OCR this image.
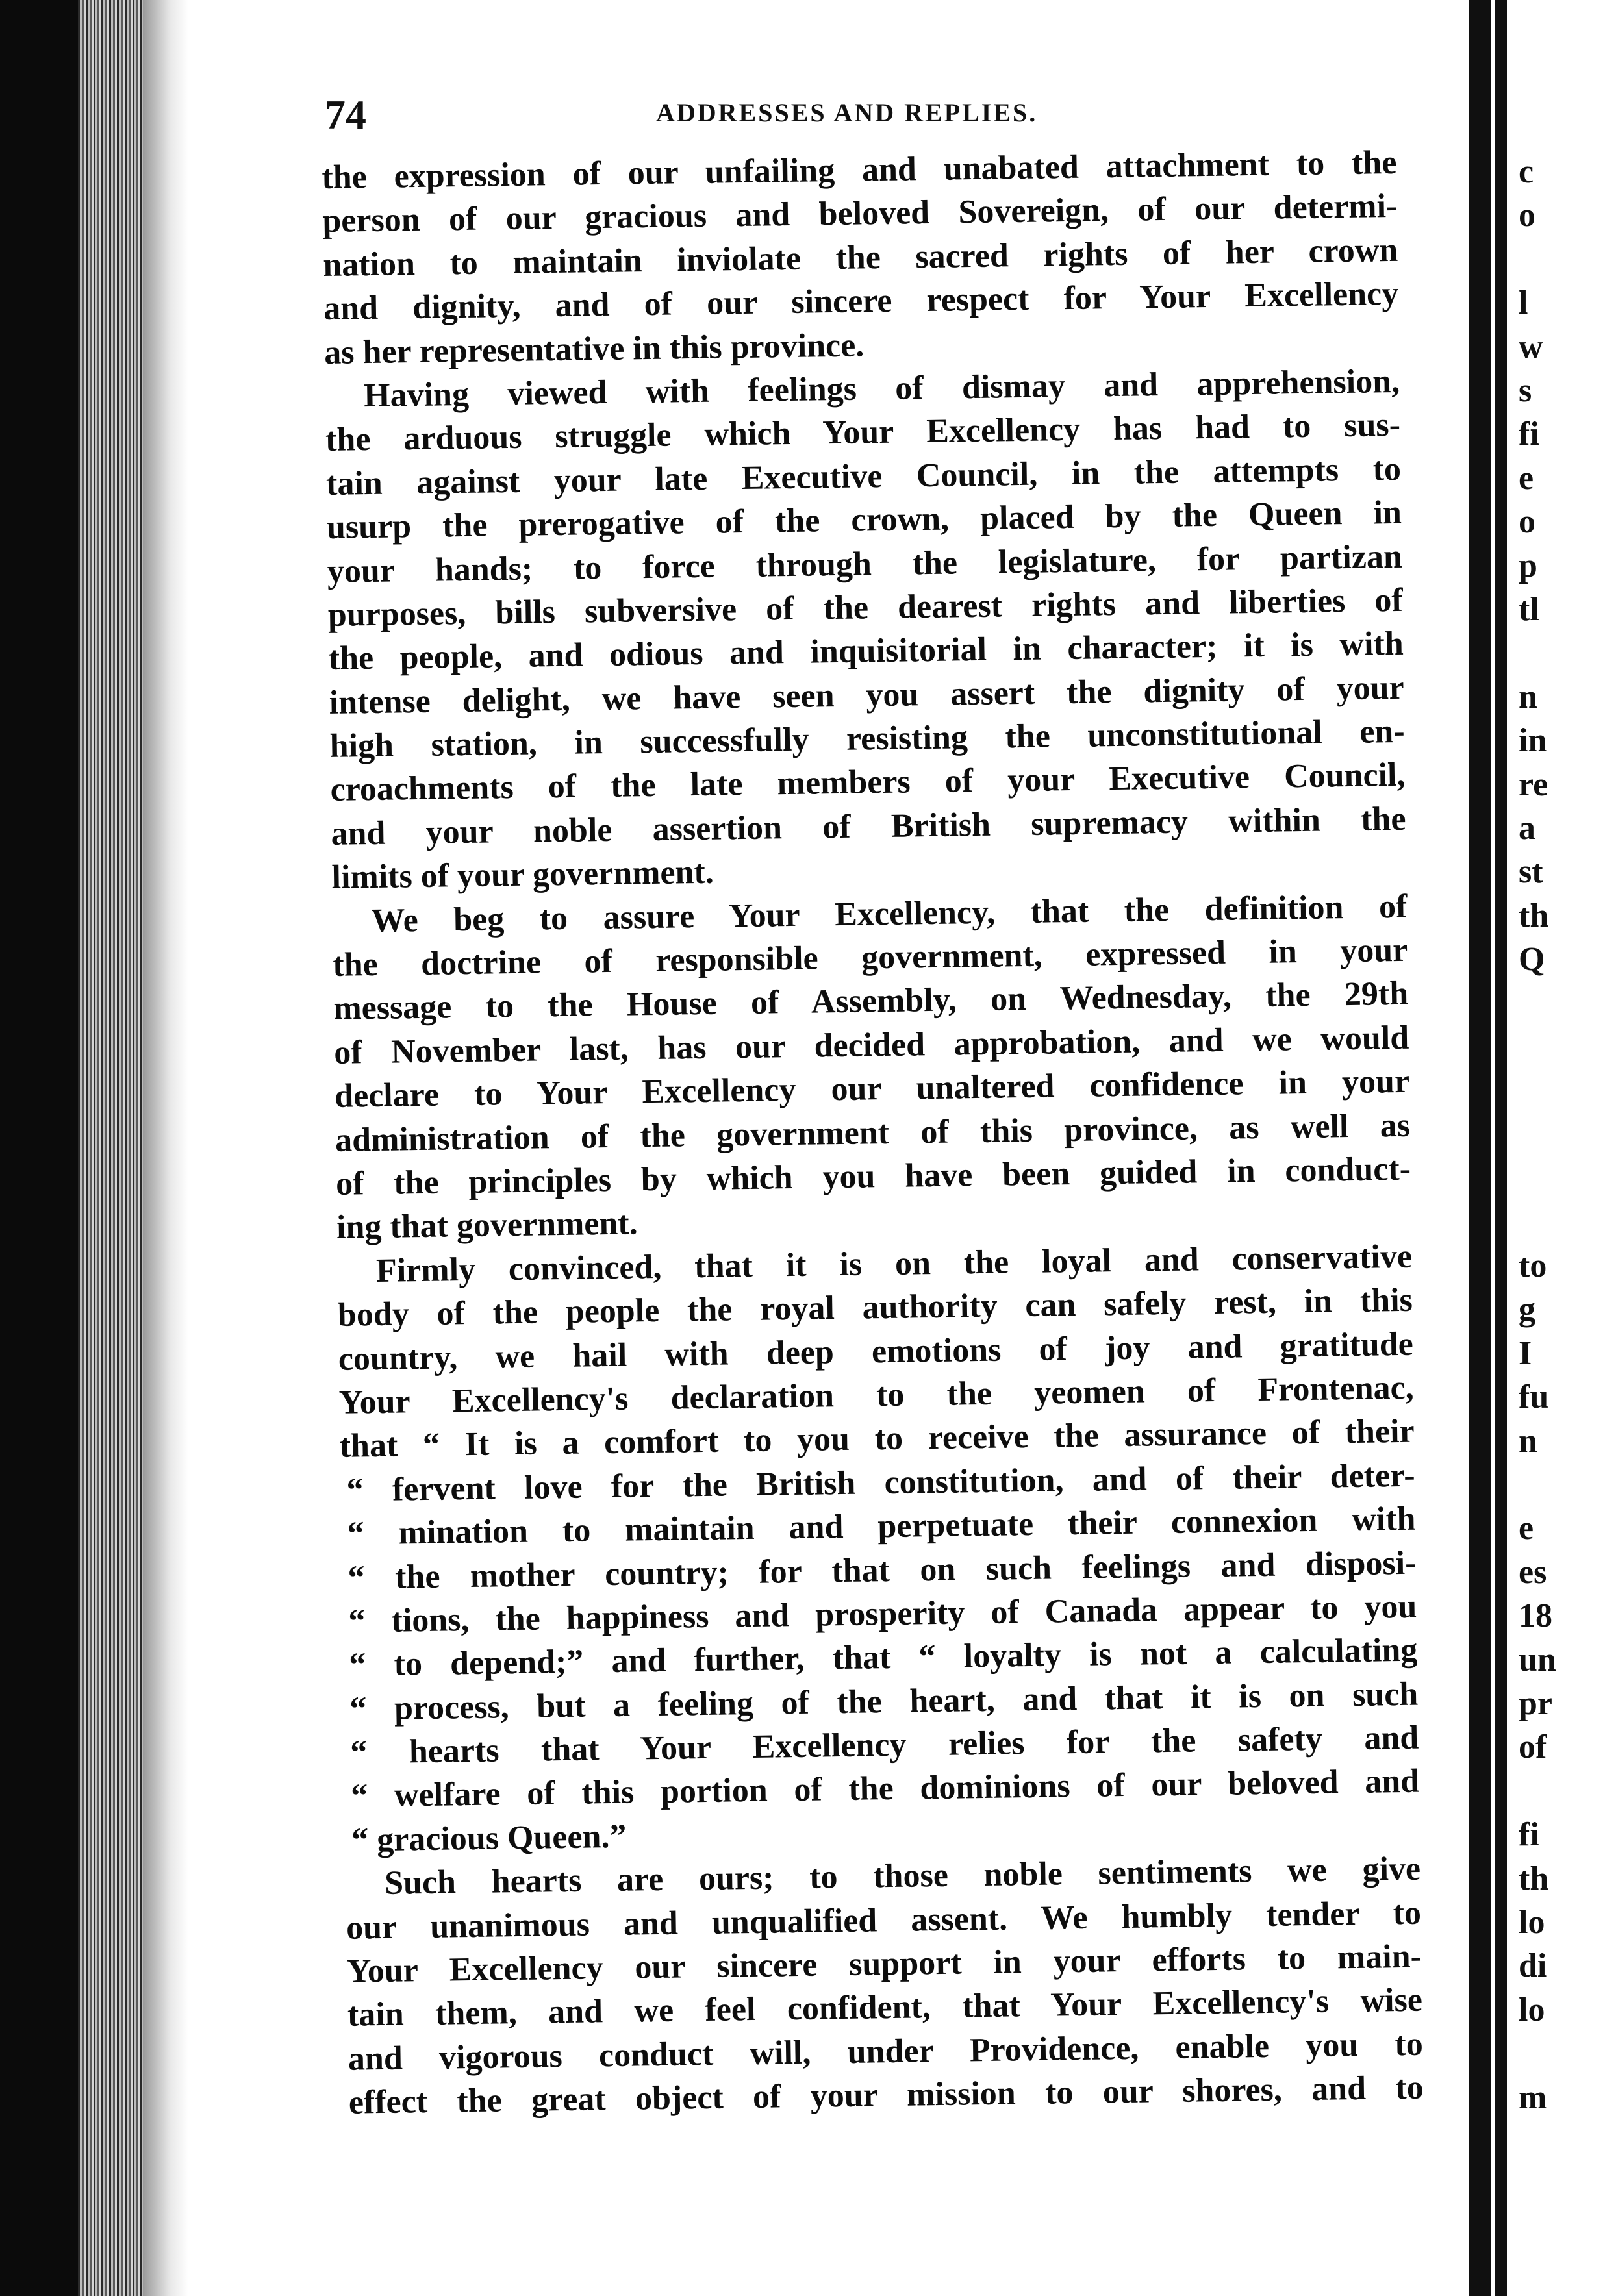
74	ADDRESSES AND REPLIES.
the expression of our unfailing and unabated attachment to the
person of our gracious and beloved Sovereign, of our determi-
nation to maintain inviolate the sacred rights of her crown
and dignity, and of our sincere respect for Your Excellency
as her representative in this province.
Having viewed with feelings of dismay and apprehension,
the arduous struggle which Your Excellency has had to sus-
tain against your late Executive Council, in the attempts to
usurp the prerogative of the crown, placed by the Queen in
your hands; to force through the legislature, for partizan
purposes, bills subversive of the dearest rights and liberties of
the people, and odious and inquisitorial in character; it is with
intense delight, we have seen you assert the dignity of your
high station, in successfully resisting the unconstitutional en-
croachments of the late members of your Executive Council,
and your noble assertion of British supremacy within the
limits of your government.
We beg to assure Your Excellency, that the definition of
the doctrine of responsible government, expressed in your
message to the House of Assembly, on Wednesday, the 29th
of November last, has our decided approbation, and we would
declare to Your Excellency our unaltered confidence in your
administration of the government of this province, as well as
of the principles by which you have been guided in conduct-
ing that government.
Firmly convinced, that it is on the loyal and conservative
body of the people the royal authority can safely rest, in this
country, we hail with deep emotions of joy and gratitude
Your Excellency's declaration to the yeomen of Frontenac,
that “ It is a comfort to you to receive the assurance of their
“ fervent love for the British constitution, and of their deter-
“ mination to maintain and perpetuate their connexion with
“ the mother country; for that on such feelings and disposi-
“ tions, the happiness and prosperity of Canada appear to you
“ to depend;” and further, that “ loyalty is not a calculating
“ process, but a feeling of the heart, and that it is on such
“ hearts that Your Excellency relies for the safety and
“ welfare of this portion of the dominions of our beloved and
“ gracious Queen.”
Such hearts are ours; to those noble sentiments we give
our unanimous and unqualified assent. We humbly tender to
Your Excellency our sincere support in your efforts to main-
tain them, and we feel confident, that Your Excellency's wise
and vigorous conduct will, under Providence, enable you to
effect the great object of your mission to our shores, and to
c
o
l
w
s
fi
e
o
p
tl
n
in
re
a
st
th
Q
to
g
I
fu
n
e
es
18
un
pr
of
fi
th
lo
di
lo
m
